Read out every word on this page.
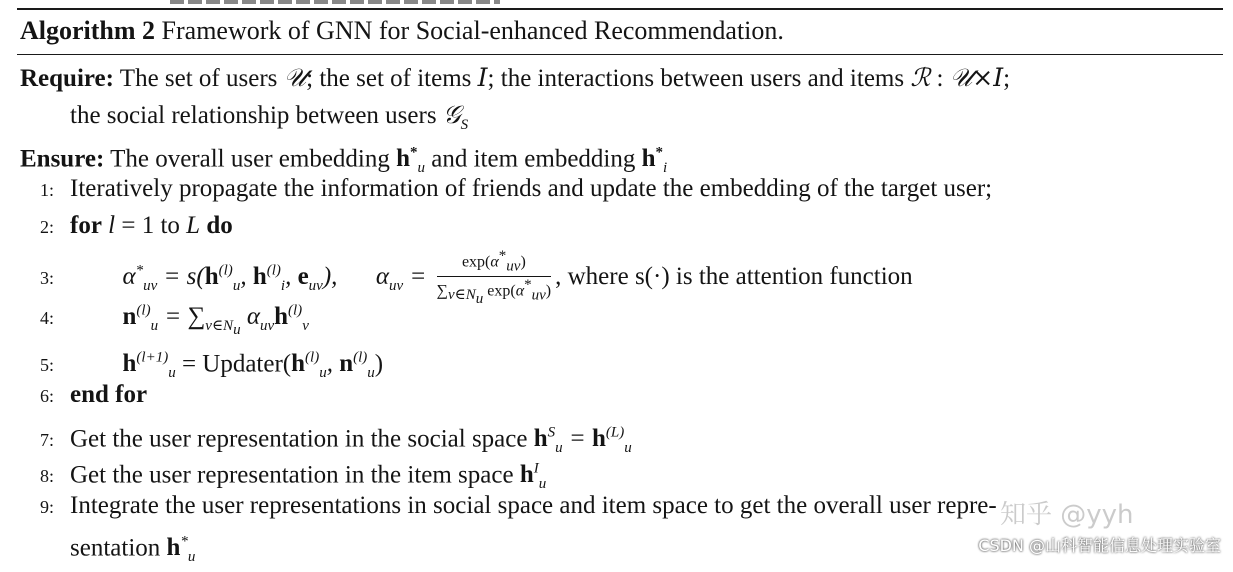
Algorithm 2 Framework of GNN for Social-enhanced Recommendation.
Require: The set of users 𝒰; the set of items 𝐼; the interactions between users and items ℛ : 𝒰×𝐼;
the social relationship between users 𝒢$_S$
Ensure: The overall user embedding $h^*_u$ and item embedding $h^*_i$
1: Iteratively propagate the information of friends and update the embedding of the target user;
2: for l = 1 to L do
3:	$\alpha^*_{uv} = s(h^{(l)}_u$, $h^{(l)}_i$, $e_{uv}$), $\alpha_{uv} = \frac{\exp(\alpha^*_{uv})}{\sum_{v\in N_u} \exp(\alpha^*_{uv})}$ , where s(·) is the attention function
4:	$n^{(l)}_u = \sum_{v\in N_u}$ $\alpha_{uv}h^{(l)}_v$
5:	$h^{(l+1)}_u$ = $Updater(h^{(l)}_u$, $n^{(l)}_u$)
6: end for
7: Get the user representation in the social space $h^S_u = h^{(L)}_u$
8: Get the user representation in the item space $h^I_u$
9: Integrate the user representations in social space and item space to get the overall user repre-
sentation $h^*_u$
知乎 @yyh
CSDN @山科智能信息处理实验室
